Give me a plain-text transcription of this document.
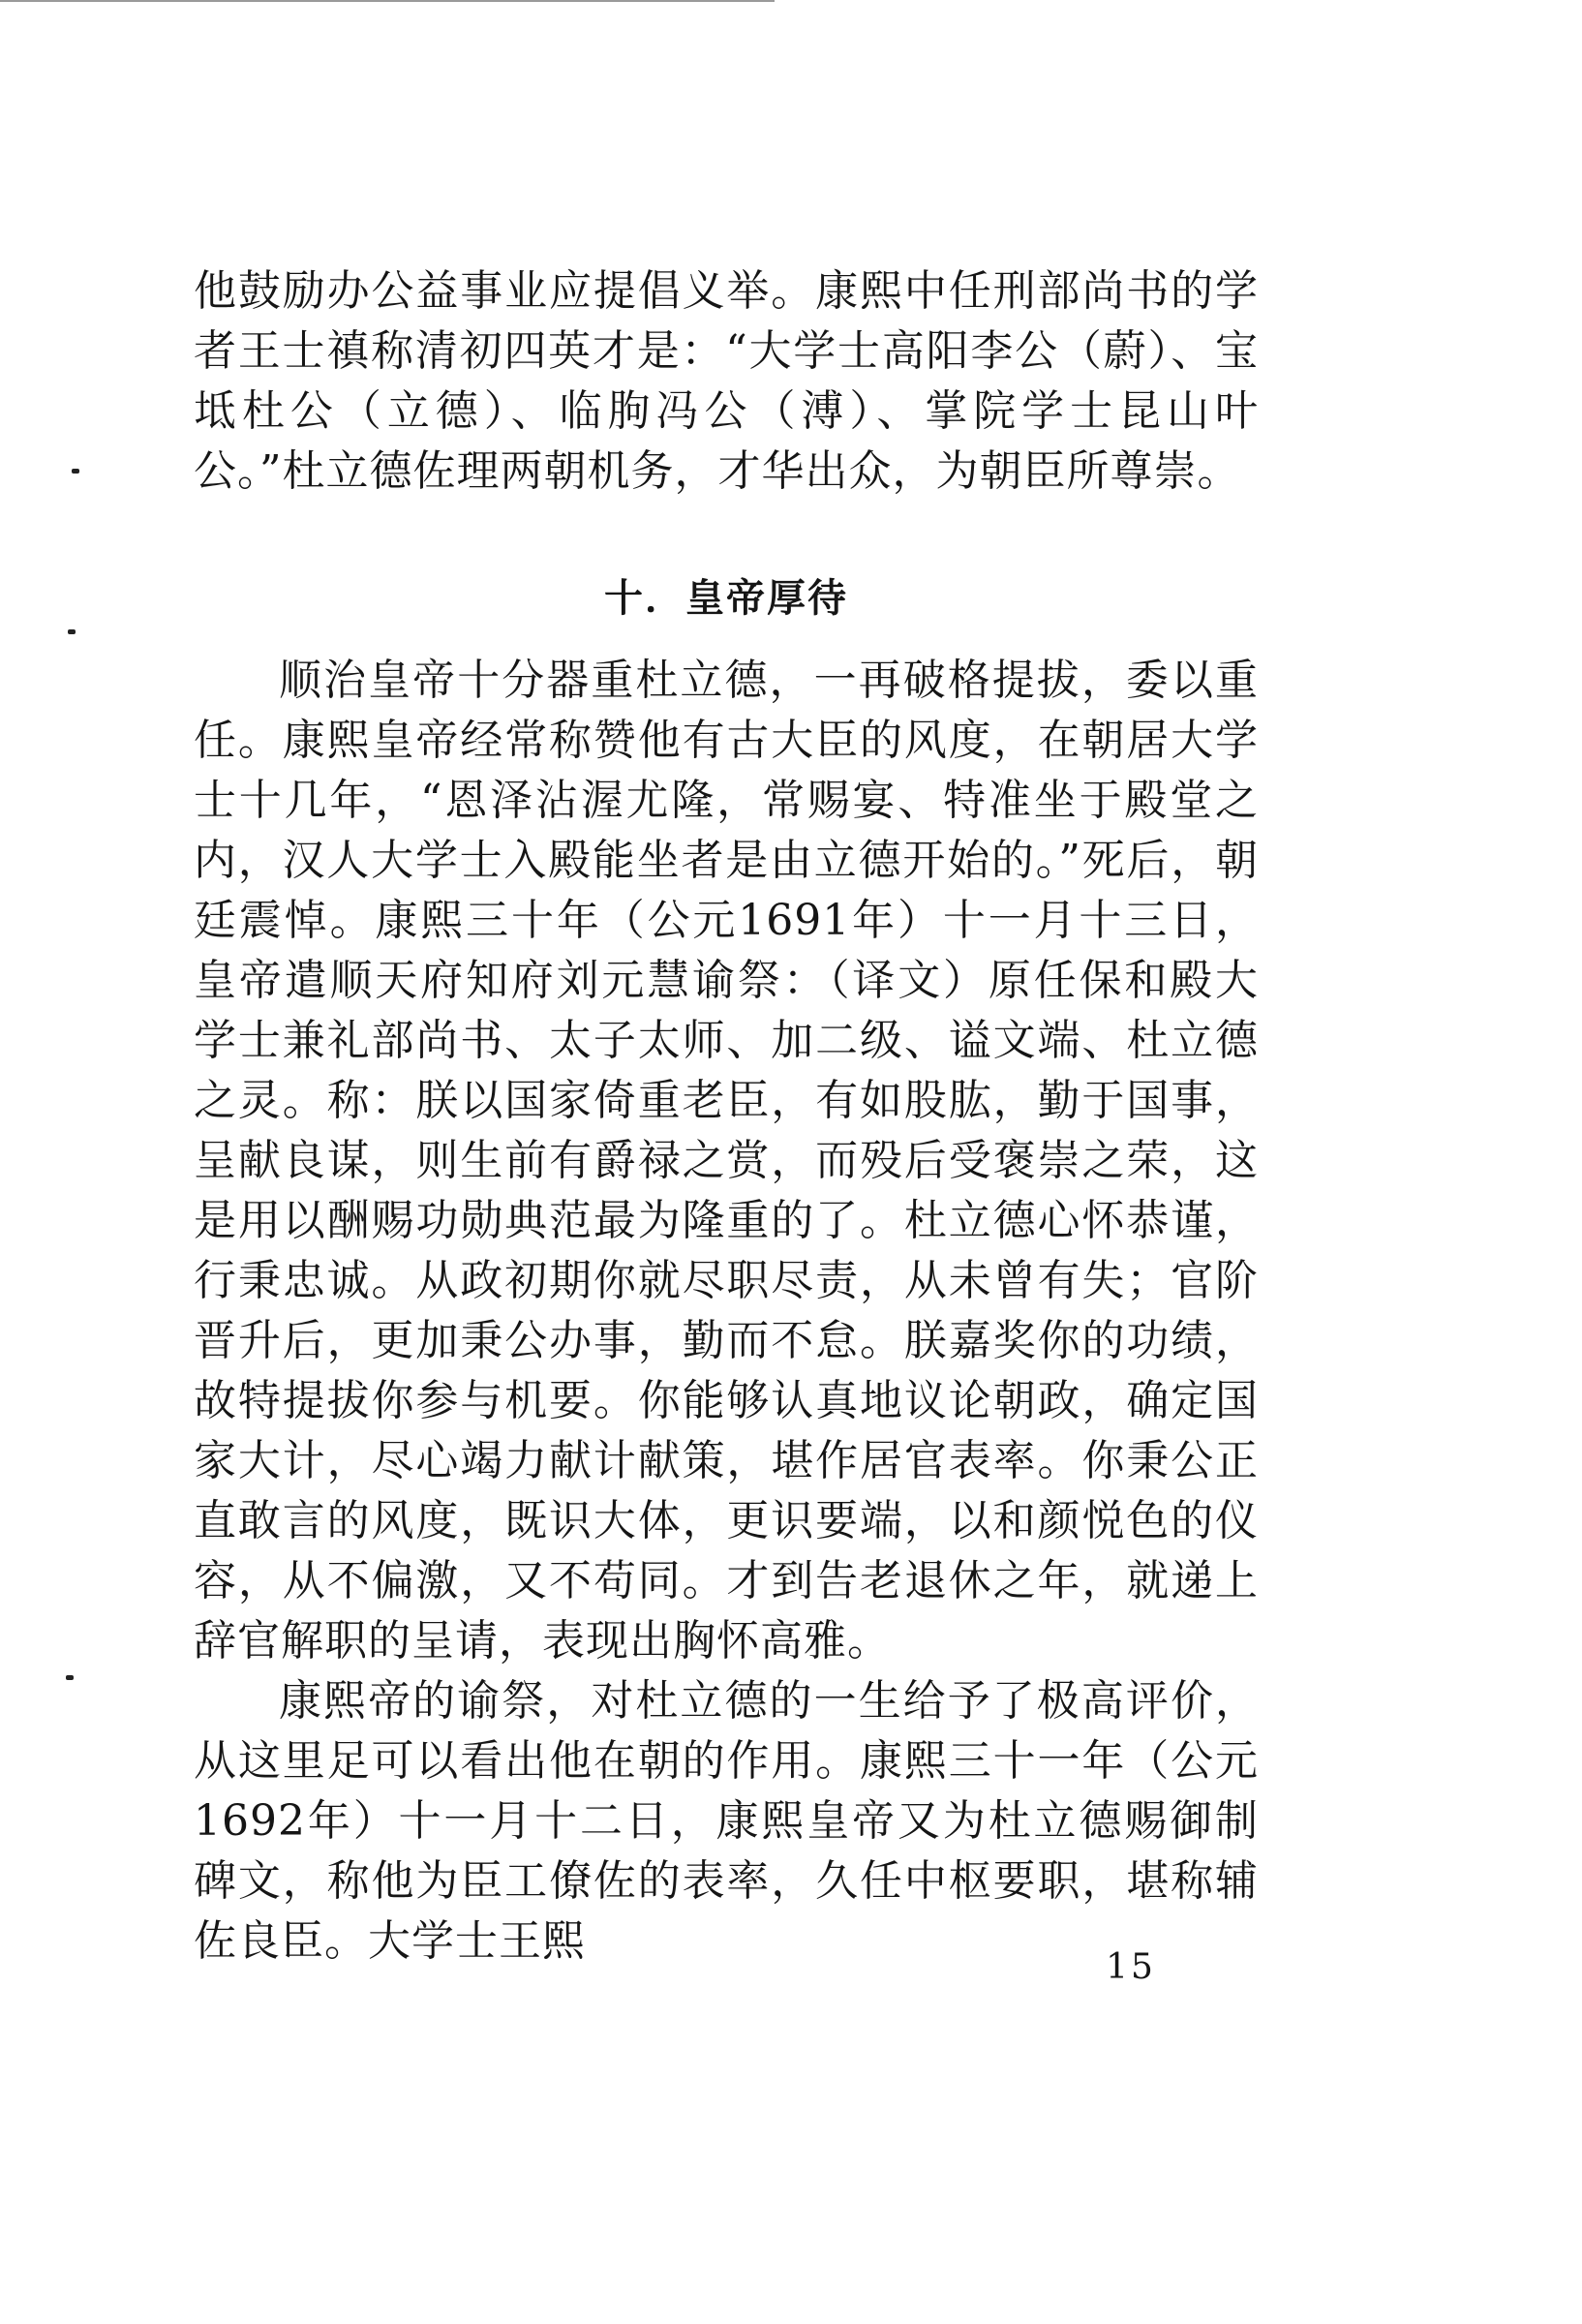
他鼓励办公益事业应提倡义举。康熙中任刑部尚书的学者王士禛称清初四英才是：“大学士高阳李公（蔚）、宝坻杜公（立德）、临朐冯公（溥）、掌院学士昆山叶公。”杜立德佐理两朝机务，才华出众，为朝臣所尊崇。

十．皇帝厚待

顺治皇帝十分器重杜立德，一再破格提拔，委以重任。康熙皇帝经常称赞他有古大臣的风度，在朝居大学士十几年，“恩泽沾渥尤隆，常赐宴、特准坐于殿堂之内，汉人大学士入殿能坐者是由立德开始的。”死后，朝廷震悼。康熙三十年（公元1691年）十一月十三日，皇帝遣顺天府知府刘元慧谕祭：（译文）原任保和殿大学士兼礼部尚书、太子太师、加二级、谥文端、杜立德之灵。称：朕以国家倚重老臣，有如股肱，勤于国事，呈献良谋，则生前有爵禄之赏，而殁后受褒崇之荣，这是用以酬赐功勋典范最为隆重的了。杜立德心怀恭谨，行秉忠诚。从政初期你就尽职尽责，从未曾有失；官阶晋升后，更加秉公办事，勤而不怠。朕嘉奖你的功绩，故特提拔你参与机要。你能够认真地议论朝政，确定国家大计，尽心竭力献计献策，堪作居官表率。你秉公正直敢言的风度，既识大体，更识要端，以和颜悦色的仪容，从不偏激，又不苟同。才到告老退休之年，就递上辞官解职的呈请，表现出胸怀高雅。

康熙帝的谕祭，对杜立德的一生给予了极高评价，从这里足可以看出他在朝的作用。康熙三十一年（公元1692年）十一月十二日，康熙皇帝又为杜立德赐御制碑文，称他为臣工僚佐的表率，久任中枢要职，堪称辅佐良臣。大学士王熙

15
